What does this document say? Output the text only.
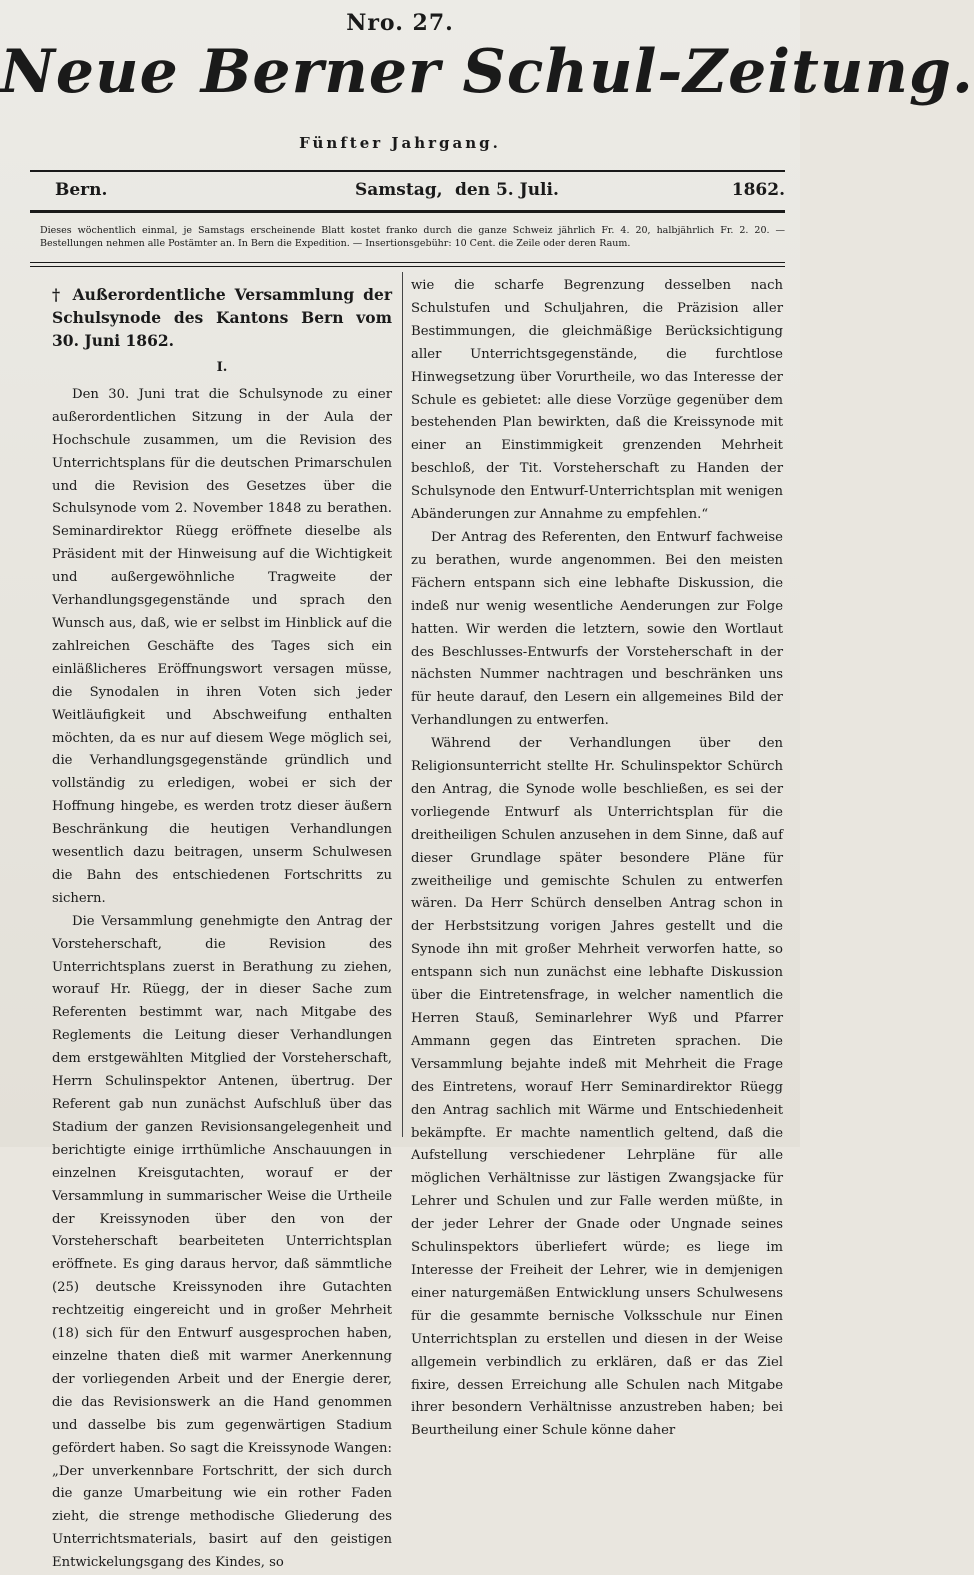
Nro. 27.
Neue Berner Schul-Zeitung.
Fünfter Jahrgang.
Bern.	Samstag, den 5. Juli.	1862.
Dieses wöchentlich einmal, je Samstags erscheinende Blatt kostet franko durch die ganze Schweiz jährlich Fr. 4. 20, halbjährlich Fr. 2. 20. — Bestellungen nehmen alle Postämter an. In Bern die Expedition. — Insertionsgebühr: 10 Cent. die Zeile oder deren Raum.
† Außerordentliche Versammlung der Schulsynode des Kantons Bern vom 30. Juni 1862.
I.

Den 30. Juni trat die Schulsynode zu einer außerordentlichen Sitzung in der Aula der Hochschule zusammen, um die Revision des Unterrichtsplans für die deutschen Primarschulen und die Revision des Gesetzes über die Schulsynode vom 2. November 1848 zu berathen. Seminardirektor Rüegg eröffnete dieselbe als Präsident mit der Hinweisung auf die Wichtigkeit und außergewöhnliche Tragweite der Verhandlungsgegenstände und sprach den Wunsch aus, daß, wie er selbst im Hinblick auf die zahlreichen Geschäfte des Tages sich ein einläßlicheres Eröffnungswort versagen müsse, die Synodalen in ihren Voten sich jeder Weitläufigkeit und Abschweifung enthalten möchten, da es nur auf diesem Wege möglich sei, die Verhandlungsgegenstände gründlich und vollständig zu erledigen, wobei er sich der Hoffnung hingebe, es werden trotz dieser äußern Beschränkung die heutigen Verhandlungen wesentlich dazu beitragen, unserm Schulwesen die Bahn des entschiedenen Fortschritts zu sichern.

Die Versammlung genehmigte den Antrag der Vorsteherschaft, die Revision des Unterrichtsplans zuerst in Berathung zu ziehen, worauf Hr. Rüegg, der in dieser Sache zum Referenten bestimmt war, nach Mitgabe des Reglements die Leitung dieser Verhandlungen dem erstgewählten Mitglied der Vorsteherschaft, Herrn Schulinspektor Antenen, übertrug. Der Referent gab nun zunächst Aufschluß über das Stadium der ganzen Revisionsangelegenheit und berichtigte einige irrthümliche Anschauungen in einzelnen Kreisgutachten, worauf er der Versammlung in summarischer Weise die Urtheile der Kreissynoden über den von der Vorsteherschaft bearbeiteten Unterrichtsplan eröffnete. Es ging daraus hervor, daß sämmtliche (25) deutsche Kreissynoden ihre Gutachten rechtzeitig eingereicht und in großer Mehrheit (18) sich für den Entwurf ausgesprochen haben, einzelne thaten dieß mit warmer Anerkennung der vorliegenden Arbeit und der Energie derer, die das Revisionswerk an die Hand genommen und dasselbe bis zum gegenwärtigen Stadium gefördert haben. So sagt die Kreissynode Wangen: „Der unverkennbare Fortschritt, der sich durch die ganze Umarbeitung wie ein rother Faden zieht, die strenge methodische Gliederung des Unterrichtsmaterials, basirt auf den geistigen Entwickelungsgang des Kindes, so

wie die scharfe Begrenzung desselben nach Schulstufen und Schuljahren, die Präzision aller Bestimmungen, die gleichmäßige Berücksichtigung aller Unterrichtsgegenstände, die furchtlose Hinwegsetzung über Vorurtheile, wo das Interesse der Schule es gebietet: alle diese Vorzüge gegenüber dem bestehenden Plan bewirkten, daß die Kreissynode mit einer an Einstimmigkeit grenzenden Mehrheit beschloß, der Tit. Vorsteherschaft zu Handen der Schulsynode den Entwurf-Unterrichtsplan mit wenigen Abänderungen zur Annahme zu empfehlen.“

Der Antrag des Referenten, den Entwurf fachweise zu berathen, wurde angenommen. Bei den meisten Fächern entspann sich eine lebhafte Diskussion, die indeß nur wenig wesentliche Aenderungen zur Folge hatten. Wir werden die letztern, sowie den Wortlaut des Beschlusses-Entwurfs der Vorsteherschaft in der nächsten Nummer nachtragen und beschränken uns für heute darauf, den Lesern ein allgemeines Bild der Verhandlungen zu entwerfen.

Während der Verhandlungen über den Religionsunterricht stellte Hr. Schulinspektor Schürch den Antrag, die Synode wolle beschließen, es sei der vorliegende Entwurf als Unterrichtsplan für die dreitheiligen Schulen anzusehen in dem Sinne, daß auf dieser Grundlage später besondere Pläne für zweitheilige und gemischte Schulen zu entwerfen wären. Da Herr Schürch denselben Antrag schon in der Herbstsitzung vorigen Jahres gestellt und die Synode ihn mit großer Mehrheit verworfen hatte, so entspann sich nun zunächst eine lebhafte Diskussion über die Eintretensfrage, in welcher namentlich die Herren Stauß, Seminarlehrer Wyß und Pfarrer Ammann gegen das Eintreten sprachen. Die Versammlung bejahte indeß mit Mehrheit die Frage des Eintretens, worauf Herr Seminardirektor Rüegg den Antrag sachlich mit Wärme und Entschiedenheit bekämpfte. Er machte namentlich geltend, daß die Aufstellung verschiedener Lehrpläne für alle möglichen Verhältnisse zur lästigen Zwangsjacke für Lehrer und Schulen und zur Falle werden müßte, in der jeder Lehrer der Gnade oder Ungnade seines Schulinspektors überliefert würde; es liege im Interesse der Freiheit der Lehrer, wie in demjenigen einer naturgemäßen Entwicklung unsers Schulwesens für die gesammte bernische Volksschule nur Einen Unterrichtsplan zu erstellen und diesen in der Weise allgemein verbindlich zu erklären, daß er das Ziel fixire, dessen Erreichung alle Schulen nach Mitgabe ihrer besondern Verhältnisse anzustreben haben; bei Beurtheilung einer Schule könne daher
